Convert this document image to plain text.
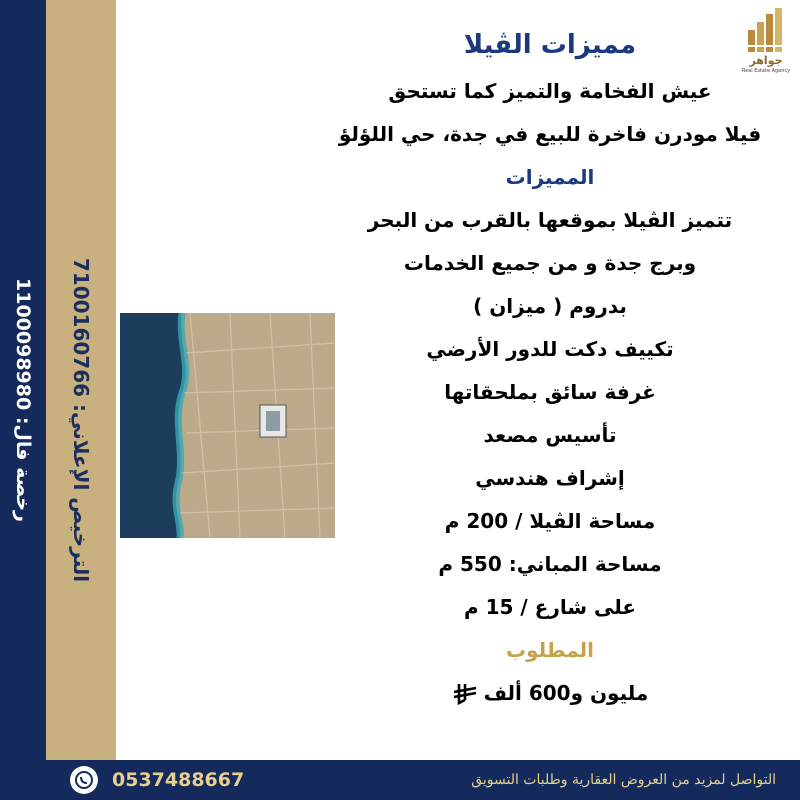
رخصة فال: 1100098980
الترخيص الإعلاني: 7100160766
جواهر
Real Estate Agency
مميزات الڤيلا
عيش الفخامة والتميز كما تستحق
فيلا مودرن فاخرة للبيع في جدة، حي اللؤلؤ
المميزات
تتميز الڤيلا بموقعها بالقرب من البحر
وبرج جدة و من جميع الخدمات
بدروم ( ميزان )
تكييف دكت للدور الأرضي
غرفة سائق بملحقاتها
تأسيس مصعد
إشراف هندسي
مساحة الڤيلا / 200 م
مساحة المباني: 550 م
على شارع / 15 م
المطلوب
مليون و600 ألف
0537488667	التواصل لمزيد من العروض العقارية وطلبات التسويق
